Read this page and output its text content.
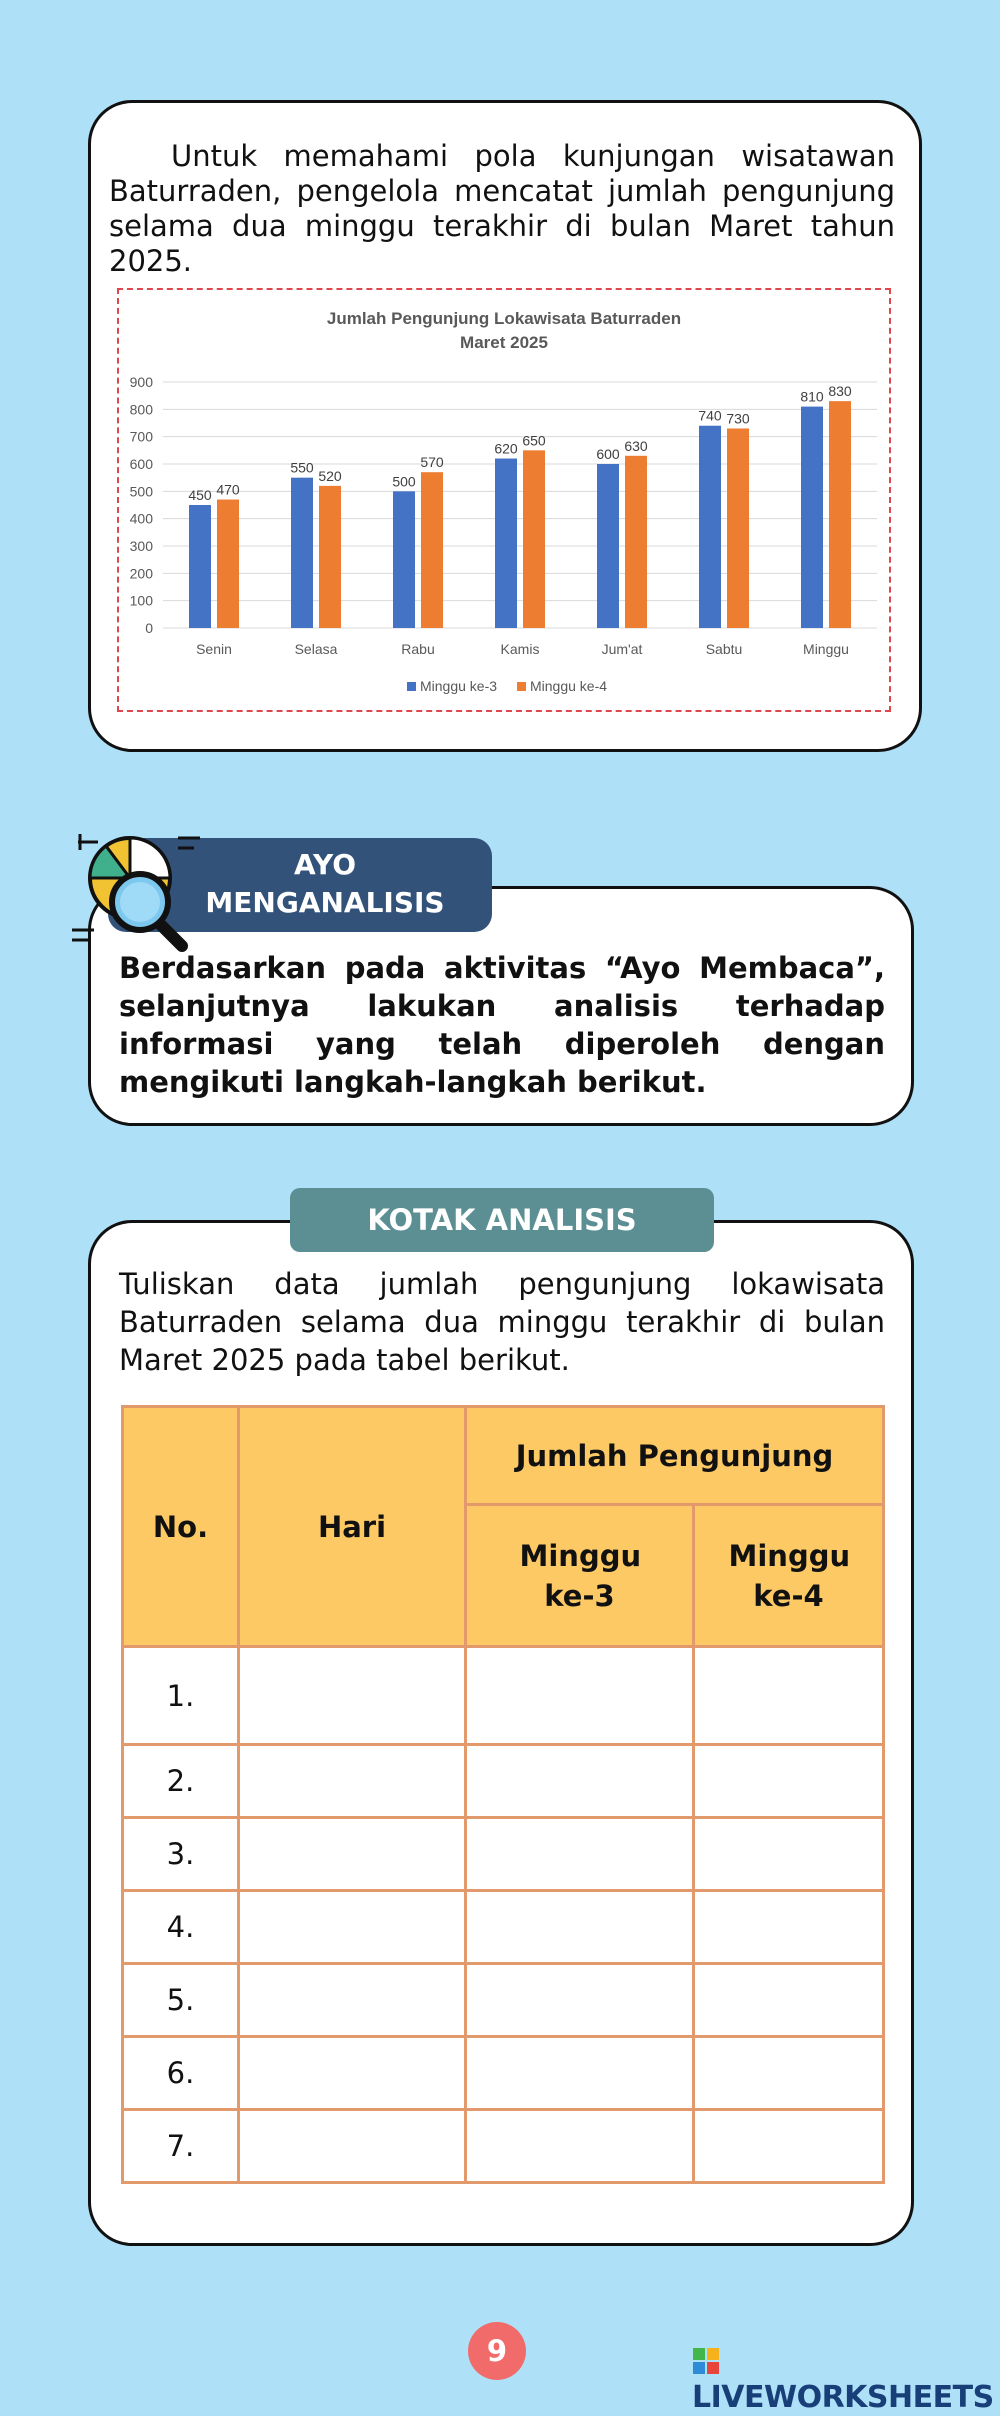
Untuk memahami pola kunjungan wisatawan Baturraden, pengelola mencatat jumlah pengunjung selama dua minggu terakhir di bulan Maret tahun 2025.

Jumlah Pengunjung Lokawisata Baturraden
Maret 2025
0
100
200
300
400
500
600
700
800
900
450 470
Senin
550
520
Selasa
500
570
Rabu
620
650
Kamis
600
630
Jum'at
740 730
Sabtu
810 830
Minggu
Minggu ke-3 Minggu ke-4

Berdasarkan pada aktivitas “Ayo Membaca”, selanjutnya lakukan analisis terhadap informasi yang telah diperoleh dengan mengikuti langkah-langkah berikut.

AYO
MENGANALISIS
KOTAK ANALISIS

Tuliskan data jumlah pengunjung lokawisata Baturraden selama dua minggu terakhir di bulan Maret 2025 pada tabel berikut.

No.	Hari	Jumlah Pengunjung	

		Minggu ke-3	Minggu ke-4

1.			
2.			
3.			
4.			
5.			
6.			
7.			
9
LIVEWORKSHEETS
